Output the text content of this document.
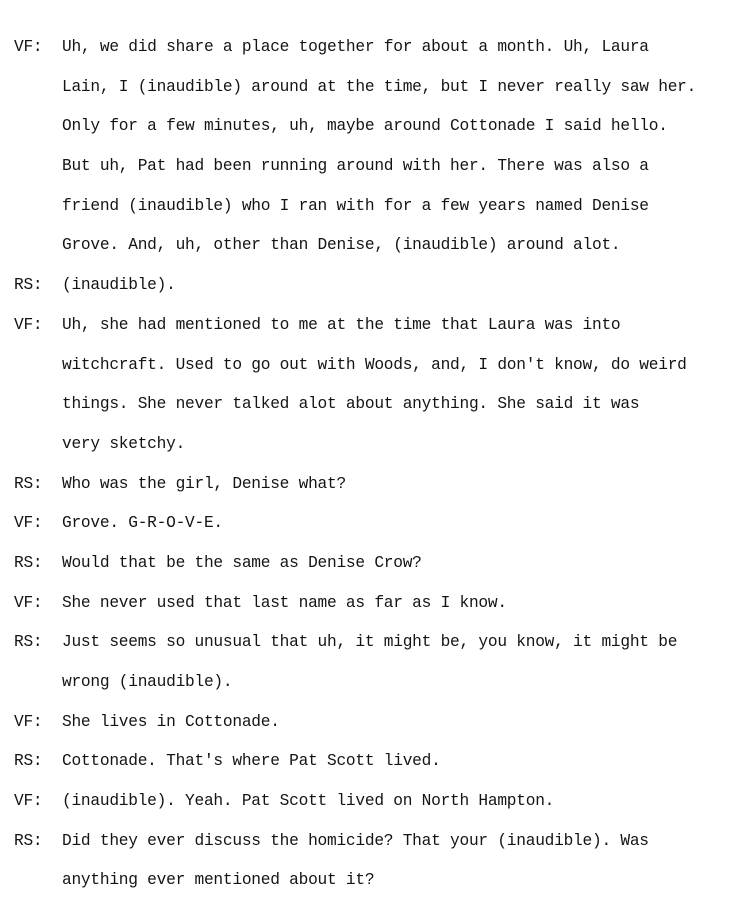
VF:	Uh, we did share a place together for about a month. Uh, Laura
Lain, I (inaudible) around at the time, but I never really saw her.
Only for a few minutes, uh, maybe around Cottonade I said hello.
But uh, Pat had been running around with her. There was also a
friend (inaudible) who I ran with for a few years named Denise
Grove. And, uh, other than Denise, (inaudible) around alot.
RS:	(inaudible).
VF:	Uh, she had mentioned to me at the time that Laura was into
witchcraft. Used to go out with Woods, and, I don't know, do weird
things. She never talked alot about anything. She said it was
very sketchy.
RS:	Who was the girl, Denise what?
VF:	Grove. G-R-O-V-E.
RS:	Would that be the same as Denise Crow?
VF:	She never used that last name as far as I know.
RS:	Just seems so unusual that uh, it might be, you know, it might be
wrong (inaudible).
VF:	She lives in Cottonade.
RS:	Cottonade. That's where Pat Scott lived.
VF:	(inaudible). Yeah. Pat Scott lived on North Hampton.
RS:	Did they ever discuss the homicide? That your (inaudible). Was
anything ever mentioned about it?
